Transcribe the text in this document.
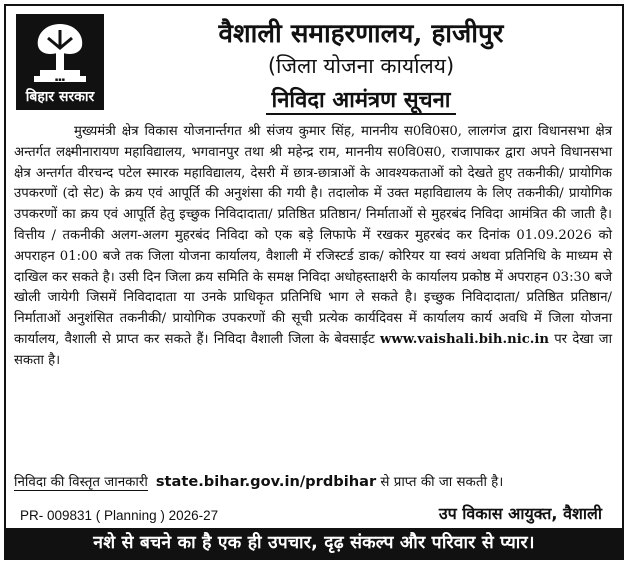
▪▪▪
बिहार सरकार
वैशाली समाहरणालय, हाजीपुर
(जिला योजना कार्यालय)
निविदा आमंत्रण सूचना

मुख्यमंत्री क्षेत्र विकास योजनार्न्तगत श्री संजय कुमार सिंह, माननीय स0वि0स0, लालगंज द्वारा विधानसभा क्षेत्र अन्तर्गत लक्ष्मीनारायण महाविद्यालय, भगवानपुर तथा श्री महेन्द्र राम, माननीय स0वि0स0, राजापाकर द्वारा अपने विधानसभा क्षेत्र अन्तर्गत वीरचन्द पटेल स्मारक महाविद्यालय, देसरी में छात्र-छात्राओं के आवश्यकताओं को देखते हुए तकनीकी/ प्रायोगिक उपकरणों (दो सेट) के क्रय एवं आपूर्ति की अनुशंसा की गयी है। तदालोक में उक्त महाविद्यालय के लिए तकनीकी/ प्रायोगिक उपकरणों का क्रय एवं आपूर्ति हेतु इच्छुक निविदादाता/ प्रतिष्ठित प्रतिष्ठान/ निर्माताओं से मुहरबंद निविदा आमंत्रित की जाती है। वित्तीय / तकनीकी अलग-अलग मुहरबंद निविदा को एक बड़े लिफाफे में रखकर मुहरबंद कर दिनांक 01.09.2026 को अपराहन 01:00 बजे तक जिला योजना कार्यालय, वैशाली में रजिस्टर्ड डाक/ कोरियर या स्वयं अथवा प्रतिनिधि के माध्यम से दाखिल कर सकते है। उसी दिन जिला क्रय समिति के समक्ष निविदा अधोहस्ताक्षरी के कार्यालय प्रकोष्ठ में अपराहन 03:30 बजे खोली जायेगी जिसमें निविदादाता या उनके प्राधिकृत प्रतिनिधि भाग ले सकते है। इच्छुक निविदादाता/ प्रतिष्ठित प्रतिष्ठान/ निर्माताओं अनुशंसित तकनीकी/ प्रायोगिक उपकरणों की सूची प्रत्येक कार्यदिवस में कार्यालय कार्य अवधि में जिला योजना कार्यालय, वैशाली से प्राप्त कर सकते हैं। निविदा वैशाली जिला के बेवसाईट www.vaishali.bih.nic.in पर देखा जा सकता है।

निविदा की विस्तृत जानकारी state.bihar.gov.in/prdbihar से प्राप्त की जा सकती है।
PR- 009831 ( Planning ) 2026-27	उप विकास आयुक्त, वैशाली
नशे से बचने का है एक ही उपचार, दृढ़ संकल्प और परिवार से प्यार।
